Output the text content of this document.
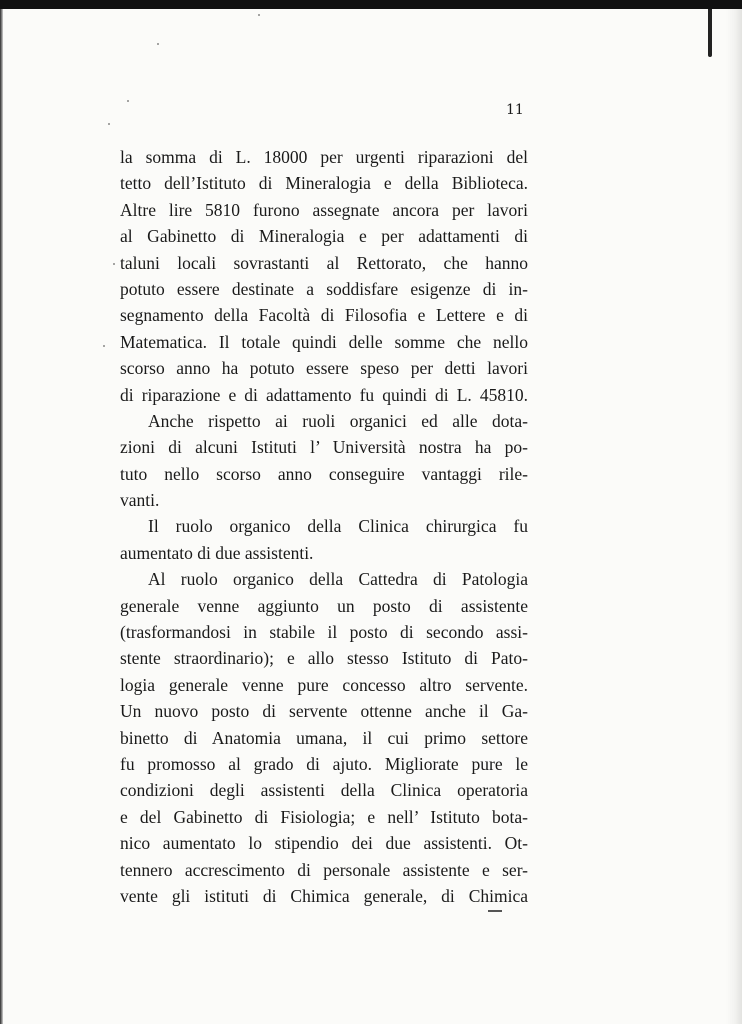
11
la somma di L. 18000 per urgenti riparazioni del
tetto dell’Istituto di Mineralogia e della Biblioteca.
Altre lire 5810 furono assegnate ancora per lavori
al Gabinetto di Mineralogia e per adattamenti di
taluni locali sovrastanti al Rettorato, che hanno
potuto essere destinate a soddisfare esigenze di in-
segnamento della Facoltà di Filosofia e Lettere e di
Matematica. Il totale quindi delle somme che nello
scorso anno ha potuto essere speso per detti lavori
di riparazione e di adattamento fu quindi di L. 45810.
Anche rispetto ai ruoli organici ed alle dota-
zioni di alcuni Istituti l’ Università nostra ha po-
tuto nello scorso anno conseguire vantaggi rile-
vanti.
Il ruolo organico della Clinica chirurgica fu
aumentato di due assistenti.
Al ruolo organico della Cattedra di Patologia
generale venne aggiunto un posto di assistente
(trasformandosi in stabile il posto di secondo assi-
stente straordinario); e allo stesso Istituto di Pato-
logia generale venne pure concesso altro servente.
Un nuovo posto di servente ottenne anche il Ga-
binetto di Anatomia umana, il cui primo settore
fu promosso al grado di ajuto. Migliorate pure le
condizioni degli assistenti della Clinica operatoria
e del Gabinetto di Fisiologia; e nell’ Istituto bota-
nico aumentato lo stipendio dei due assistenti. Ot-
tennero accrescimento di personale assistente e ser-
vente gli istituti di Chimica generale, di Chimica
